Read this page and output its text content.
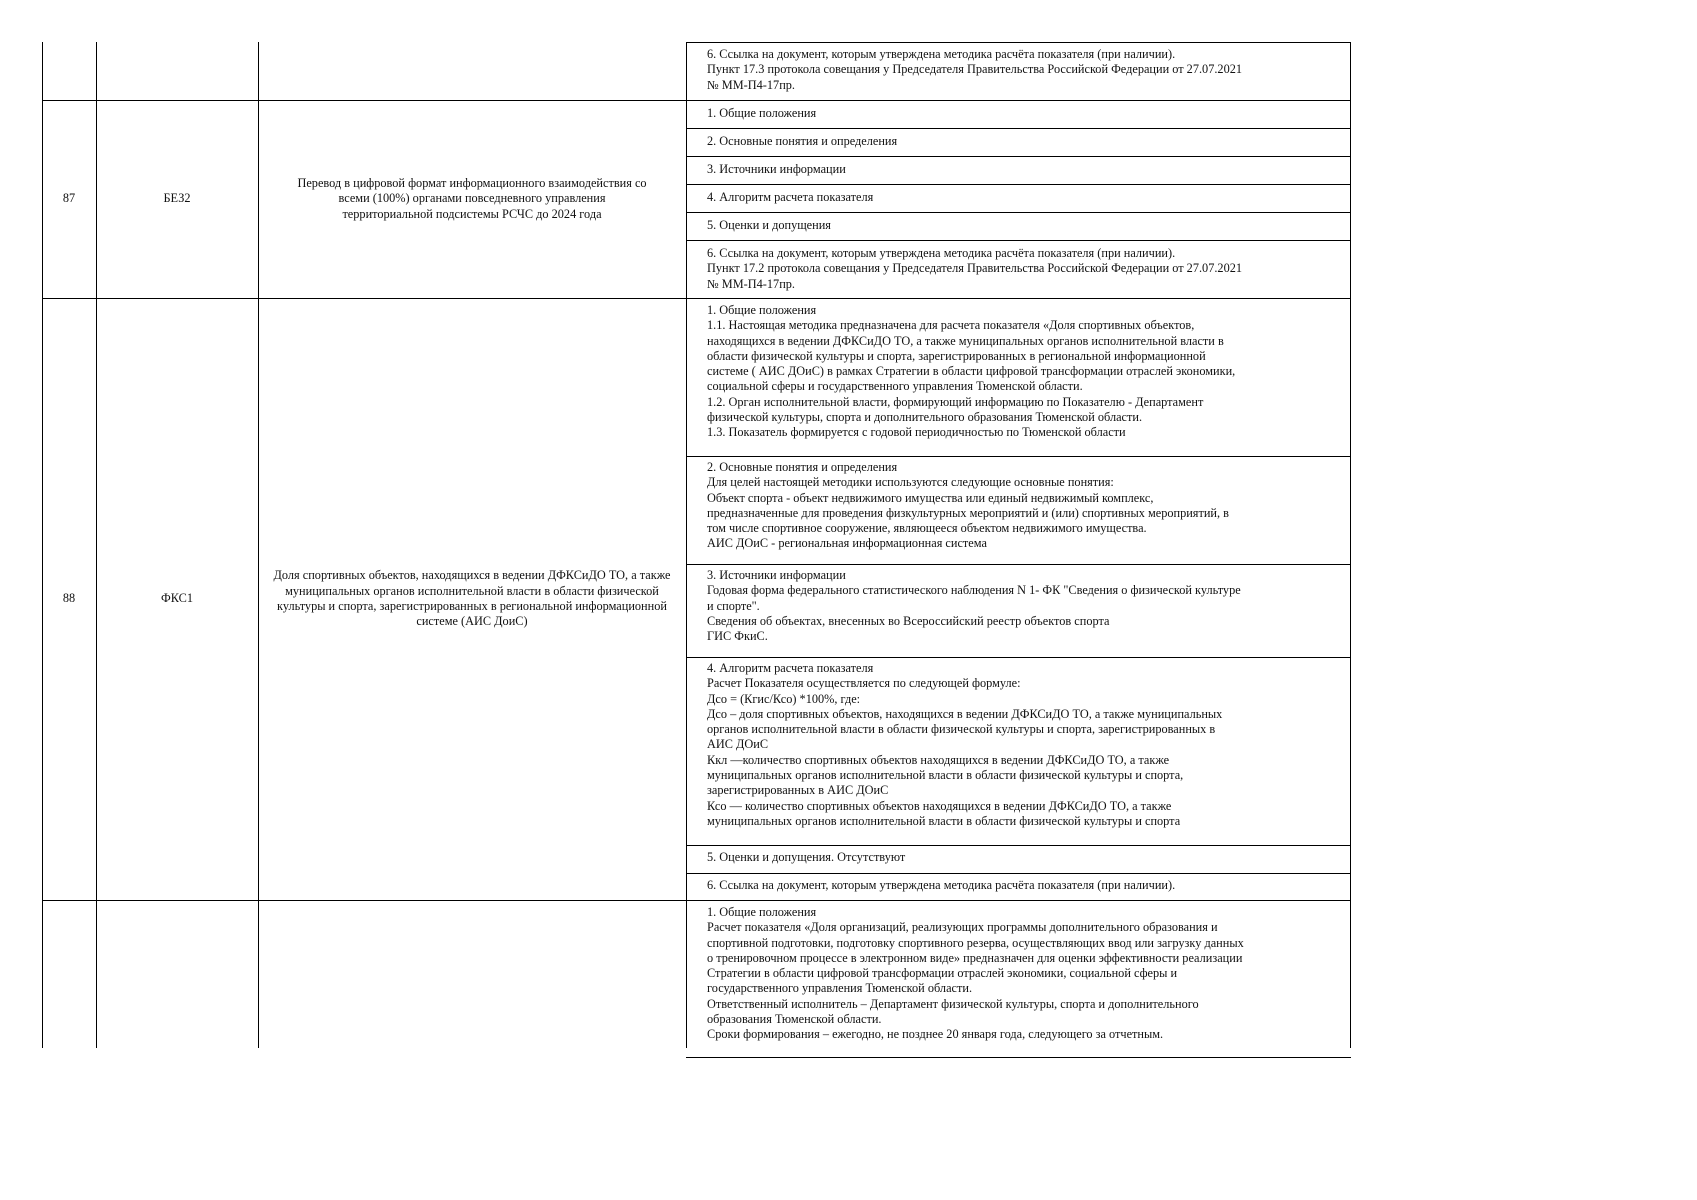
6. Ссылка на документ, которым утверждена методика расчёта показателя (при наличии).
Пункт 17.3 протокола совещания у Председателя Правительства Российской Федерации от 27.07.2021
№ ММ-П4-17пр.
87	БЕЗ2
Перевод в цифровой формат информационного взаимодействия со всеми (100%) органами повседневного управления территориальной подсистемы РСЧС до 2024 года
1. Общие положения
2. Основные понятия и определения
3. Источники информации
4. Алгоритм расчета показателя
5. Оценки и допущения
6. Ссылка на документ, которым утверждена методика расчёта показателя (при наличии).
Пункт 17.2 протокола совещания у Председателя Правительства Российской Федерации от 27.07.2021
№ ММ-П4-17пр.
88	ФКС1
Доля спортивных объектов, находящихся в ведении ДФКСиДО ТО, а также муниципальных органов исполнительной власти в области физической культуры и спорта, зарегистрированных в региональной информационной системе (АИС ДоиС)
1. Общие положения
1.1. Настоящая методика предназначена для расчета показателя «Доля спортивных объектов,
находящихся в ведении ДФКСиДО ТО, а также муниципальных органов исполнительной власти в
области физической культуры и спорта, зарегистрированных в региональной информационной
системе ( АИС ДОиС) в рамках Стратегии в области цифровой трансформации отраслей экономики,
социальной сферы и государственного управления Тюменской области.
1.2. Орган исполнительной власти, формирующий информацию по Показателю - Департамент
физической культуры, спорта и дополнительного образования Тюменской области.
1.3. Показатель формируется с годовой периодичностью по Тюменской области
2. Основные понятия и определения
Для целей настоящей методики используются следующие основные понятия:
Объект спорта - объект недвижимого имущества или единый недвижимый комплекс,
предназначенные для проведения физкультурных мероприятий и (или) спортивных мероприятий, в
том числе спортивное сооружение, являющееся объектом недвижимого имущества.
АИС ДОиС - региональная информационная система
3. Источники информации
Годовая форма федерального статистического наблюдения N 1- ФК "Сведения о физической культуре
и спорте".
Сведения об объектах, внесенных во Всероссийский реестр объектов спорта
ГИС ФкиС.
4. Алгоритм расчета показателя
Расчет Показателя осуществляется по следующей формуле:
Дсо = (Кгис/Ксо) *100%, где:
Дсо – доля спортивных объектов, находящихся в ведении ДФКСиДО ТО, а также муниципальных
органов исполнительной власти в области физической культуры и спорта, зарегистрированных в
АИС ДОиС
Ккл —количество спортивных объектов находящихся в ведении ДФКСиДО ТО, а также
муниципальных органов исполнительной власти в области физической культуры и спорта,
зарегистрированных в АИС ДОиС
Ксо — количество спортивных объектов находящихся в ведении ДФКСиДО ТО, а также
муниципальных органов исполнительной власти в области физической культуры и спорта
5. Оценки и допущения. Отсутствуют
6. Ссылка на документ, которым утверждена методика расчёта показателя (при наличии).
1. Общие положения
Расчет показателя «Доля организаций, реализующих программы дополнительного образования и
спортивной подготовки, подготовку спортивного резерва, осуществляющих ввод или загрузку данных
о тренировочном процессе в электронном виде» предназначен для оценки эффективности реализации
Стратегии в области цифровой трансформации отраслей экономики, социальной сферы и
государственного управления Тюменской области.
Ответственный исполнитель – Департамент физической культуры, спорта и дополнительного
образования Тюменской области.
Сроки формирования – ежегодно, не позднее 20 января года, следующего за отчетным.
